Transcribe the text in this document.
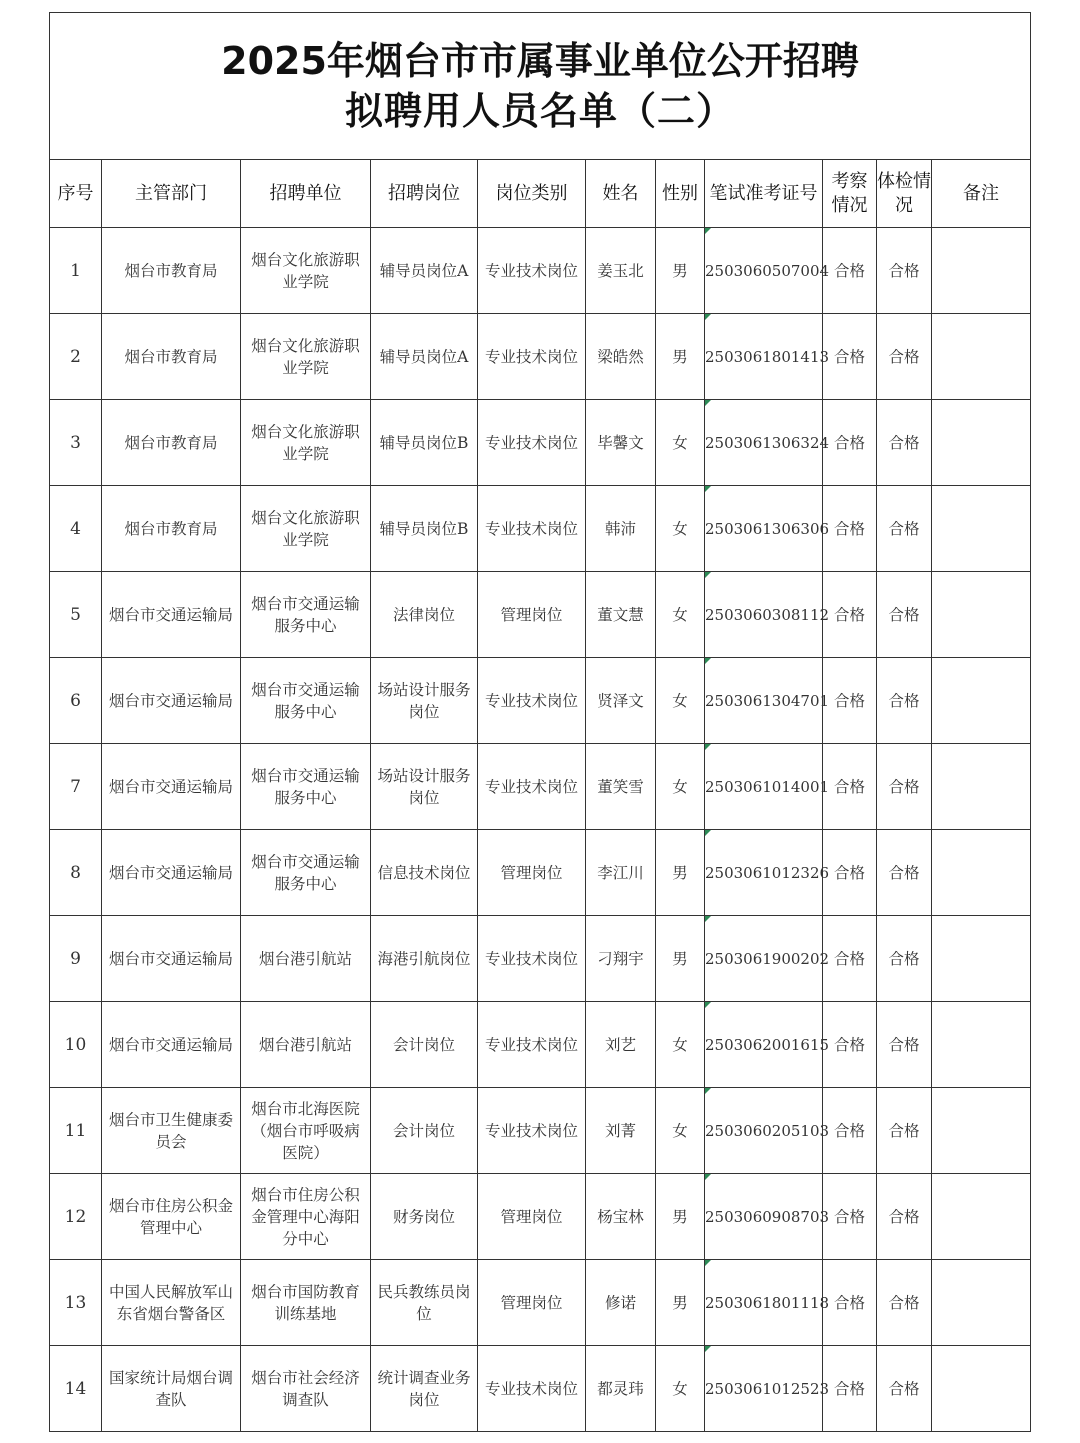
2025年烟台市市属事业单位公开招聘
拟聘用人员名单（二）										

序号	主管部门	招聘单位	招聘岗位	岗位类别	姓名	性别	笔试准考证号	考察情况	体检情况	备注
1	烟台市教育局	烟台文化旅游职业学院	辅导员岗位A	专业技术岗位	姜玉北	男	2503060507004	合格	合格	
2	烟台市教育局	烟台文化旅游职业学院	辅导员岗位A	专业技术岗位	梁皓然	男	2503061801413	合格	合格	
3	烟台市教育局	烟台文化旅游职业学院	辅导员岗位B	专业技术岗位	毕馨文	女	2503061306324	合格	合格	
4	烟台市教育局	烟台文化旅游职业学院	辅导员岗位B	专业技术岗位	韩沛	女	2503061306306	合格	合格	
5	烟台市交通运输局	烟台市交通运输服务中心	法律岗位	管理岗位	董文慧	女	2503060308112	合格	合格	
6	烟台市交通运输局	烟台市交通运输服务中心	场站设计服务岗位	专业技术岗位	贤泽文	女	2503061304701	合格	合格	
7	烟台市交通运输局	烟台市交通运输服务中心	场站设计服务岗位	专业技术岗位	董笑雪	女	2503061014001	合格	合格	
8	烟台市交通运输局	烟台市交通运输服务中心	信息技术岗位	管理岗位	李江川	男	2503061012326	合格	合格	
9	烟台市交通运输局	烟台港引航站	海港引航岗位	专业技术岗位	刁翔宇	男	2503061900202	合格	合格	
10	烟台市交通运输局	烟台港引航站	会计岗位	专业技术岗位	刘艺	女	2503062001615	合格	合格	
11	烟台市卫生健康委员会	烟台市北海医院（烟台市呼吸病医院）	会计岗位	专业技术岗位	刘菁	女	2503060205103	合格	合格	
12	烟台市住房公积金管理中心	烟台市住房公积金管理中心海阳分中心	财务岗位	管理岗位	杨宝林	男	2503060908703	合格	合格	
13	中国人民解放军山东省烟台警备区	烟台市国防教育训练基地	民兵教练员岗位	管理岗位	修诺	男	2503061801118	合格	合格	
14	国家统计局烟台调查队	烟台市社会经济调查队	统计调查业务岗位	专业技术岗位	都灵玮	女	2503061012523	合格	合格	
